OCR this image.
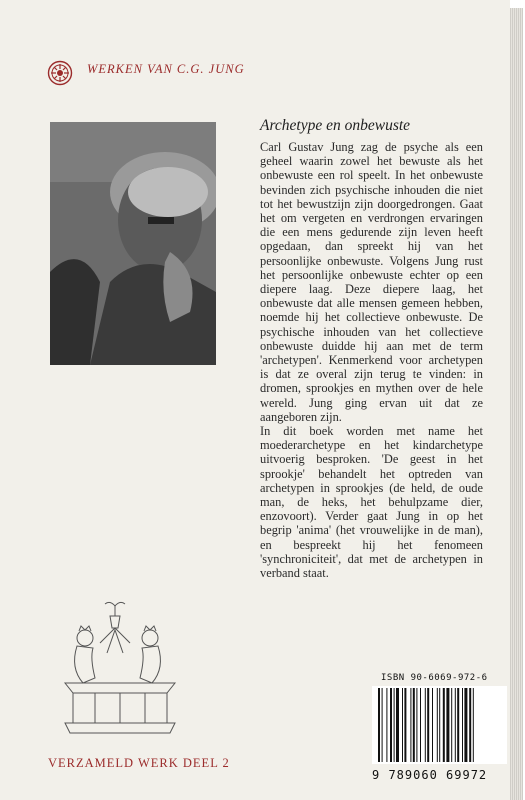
WERKEN VAN C.G. JUNG
Archetype en onbewuste

Carl Gustav Jung zag de psyche als een geheel waarin zowel het bewuste als het onbewuste een rol speelt. In het onbewuste bevinden zich psychische inhouden die niet tot het bewustzijn zijn doorgedrongen. Gaat het om vergeten en verdrongen ervaringen die een mens gedurende zijn leven heeft opgedaan, dan spreekt hij van het persoonlijke onbewuste. Volgens Jung rust het persoonlijke onbewuste echter op een diepere laag. Deze diepere laag, het onbewuste dat alle mensen gemeen hebben, noemde hij het collectieve onbewuste. De psychische inhouden van het collectieve onbewuste duidde hij aan met de term 'archetypen'. Kenmerkend voor archetypen is dat ze overal zijn terug te vinden: in dromen, sprookjes en mythen over de hele wereld. Jung ging ervan uit dat ze aangeboren zijn.

In dit boek worden met name het moederarchetype en het kindarchetype uitvoerig besproken. 'De geest in het sprookje' behandelt het optreden van archetypen in sprookjes (de held, de oude man, de heks, het behulpzame dier, enzovoort). Verder gaat Jung in op het begrip 'anima' (het vrouwelijke in de man), en bespreekt hij het fenomeen 'synchroniciteit', dat met de archetypen in verband staat.

VERZAMELD WERK DEEL 2
ISBN 90-6069-972-6
9 789060 69972
